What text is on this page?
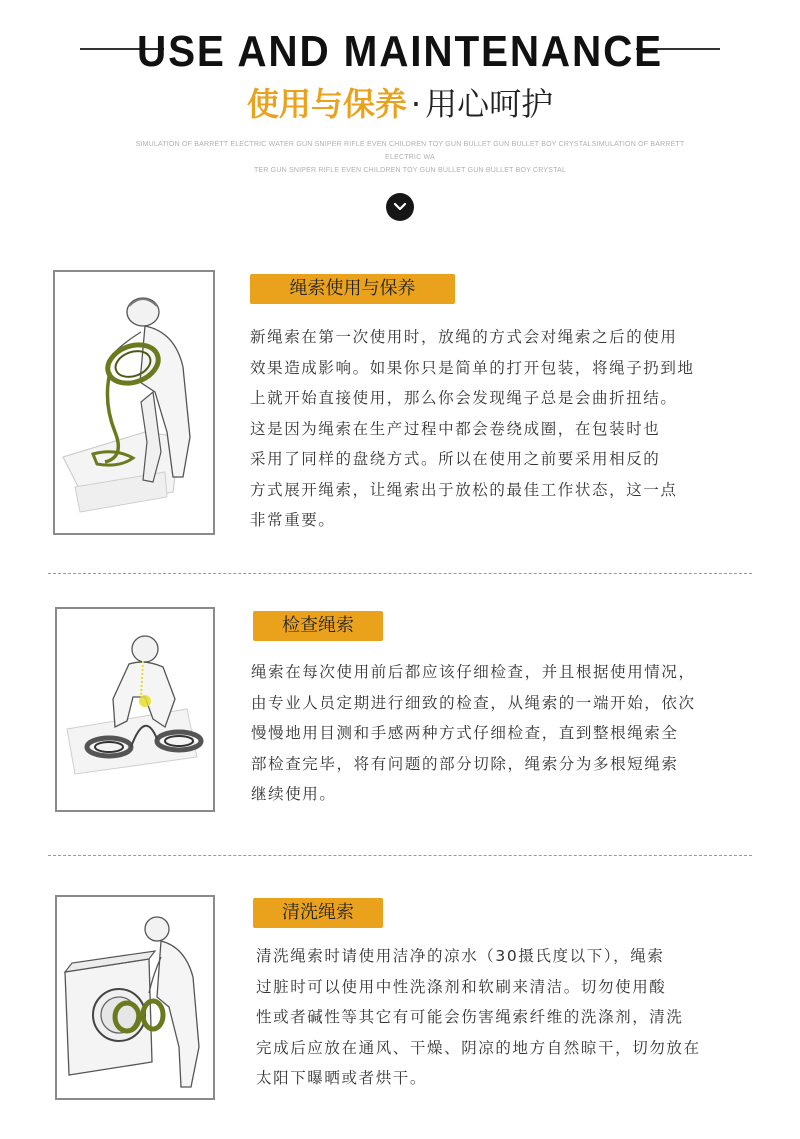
USE AND MAINTENANCE
使用与保养 · 用心呵护
SIMULATION OF BARRETT ELECTRIC WATER GUN SNIPER RIFLE EVEN CHILDREN TOY GUN BULLET GUN BULLET BOY CRYSTALSIMULATION OF BARRETT ELECTRIC WA
TER GUN SNIPER RIFLE EVEN CHILDREN TOY GUN BULLET GUN BULLET BOY CRYSTAL
绳索使用与保养
新绳索在第一次使用时，放绳的方式会对绳索之后的使用
效果造成影响。如果你只是简单的打开包装，将绳子扔到地
上就开始直接使用，那么你会发现绳子总是会曲折扭结。
这是因为绳索在生产过程中都会卷绕成圈，在包装时也
采用了同样的盘绕方式。所以在使用之前要采用相反的
方式展开绳索，让绳索出于放松的最佳工作状态，这一点
非常重要。
检查绳索
绳索在每次使用前后都应该仔细检查，并且根据使用情况，
由专业人员定期进行细致的检查，从绳索的一端开始，依次
慢慢地用目测和手感两种方式仔细检查，直到整根绳索全
部检查完毕，将有问题的部分切除，绳索分为多根短绳索
继续使用。
清洗绳索
清洗绳索时请使用洁净的凉水（30摄氏度以下），绳索
过脏时可以使用中性洗涤剂和软刷来清洁。切勿使用酸
性或者碱性等其它有可能会伤害绳索纤维的洗涤剂，清洗
完成后应放在通风、干燥、阴凉的地方自然晾干，切勿放在
太阳下曝晒或者烘干。
